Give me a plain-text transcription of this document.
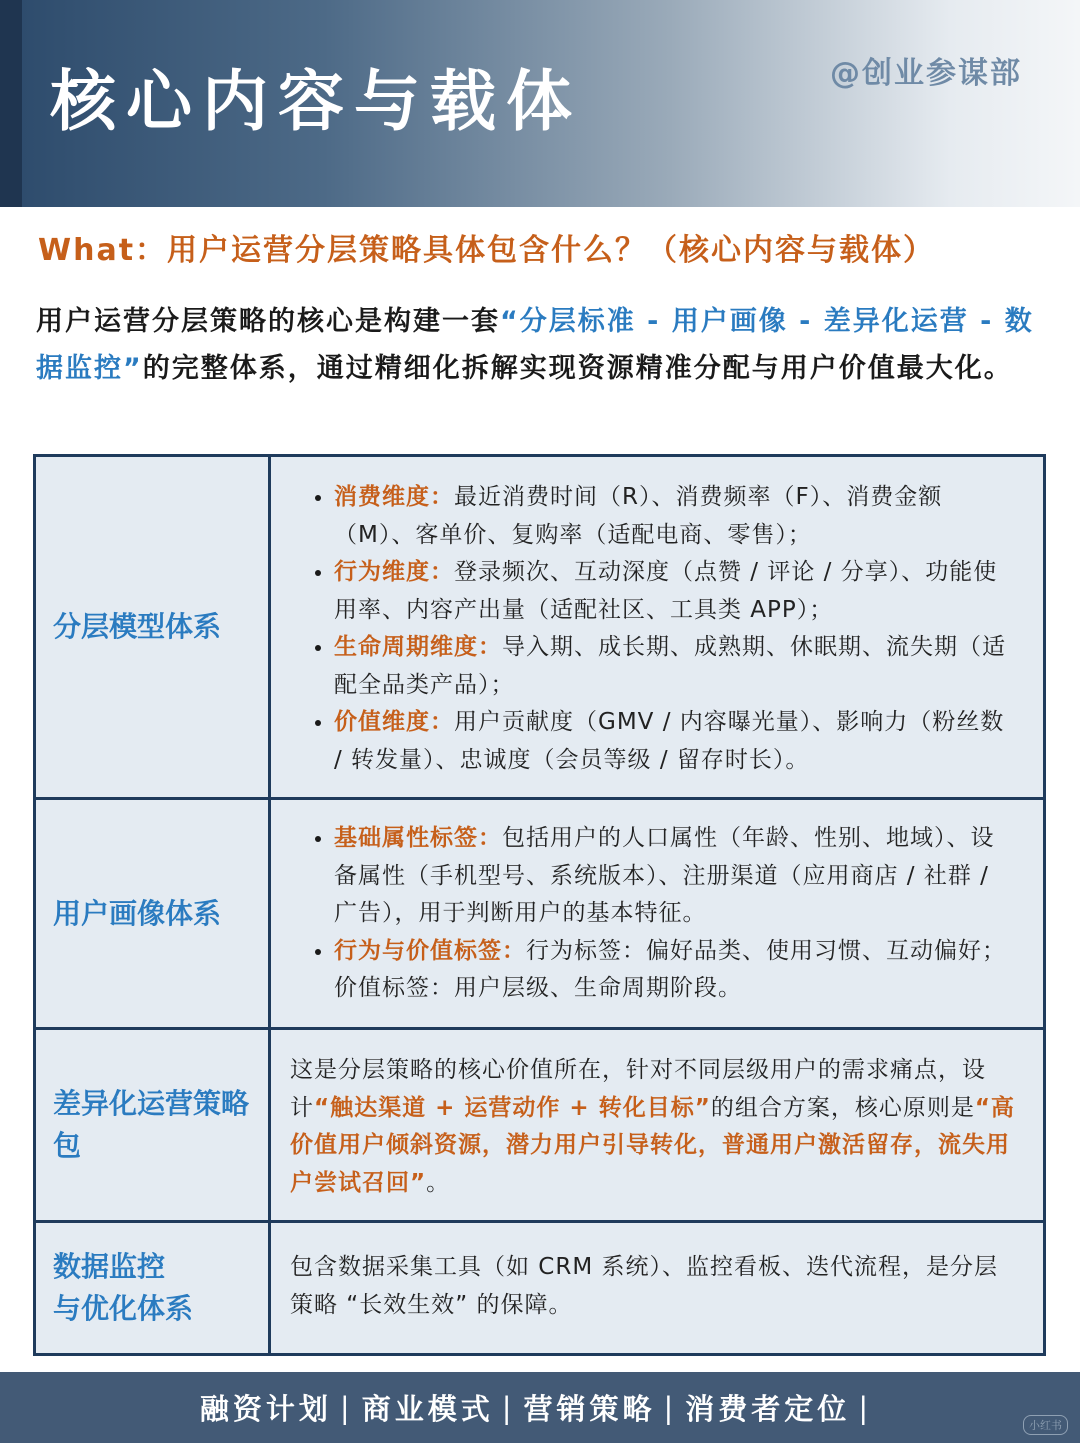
核心内容与载体	@创业参谋部
What：用户运营分层策略具体包含什么？（核心内容与载体）
用户运营分层策略的核心是构建一套“分层标准 - 用户画像 - 差异化运营 - 数据监控”的完整体系，通过精细化拆解实现资源精准分配与用户价值最大化。
分层模型体系
• 消费维度：最近消费时间（R）、消费频率（F）、消费金额（M）、客单价、复购率（适配电商、零售）；
• 行为维度：登录频次、互动深度（点赞 / 评论 / 分享）、功能使用率、内容产出量（适配社区、工具类 APP）；
• 生命周期维度：导入期、成长期、成熟期、休眠期、流失期（适配全品类产品）；
• 价值维度：用户贡献度（GMV / 内容曝光量）、影响力（粉丝数 / 转发量）、忠诚度（会员等级 / 留存时长）。
用户画像体系
• 基础属性标签：包括用户的人口属性（年龄、性别、地域）、设备属性（手机型号、系统版本）、注册渠道（应用商店 / 社群 / 广告），用于判断用户的基本特征。
• 行为与价值标签：行为标签：偏好品类、使用习惯、互动偏好；价值标签：用户层级、生命周期阶段。
差异化运营策略包
这是分层策略的核心价值所在，针对不同层级用户的需求痛点，设计“触达渠道 + 运营动作 + 转化目标”的组合方案，核心原则是“高价值用户倾斜资源，潜力用户引导转化，普通用户激活留存，流失用户尝试召回”。
数据监控
与优化体系
包含数据采集工具（如 CRM 系统）、监控看板、迭代流程，是分层策略 “长效生效” 的保障。
融资计划 | 商业模式 | 营销策略 | 消费者定位 |
小红书
